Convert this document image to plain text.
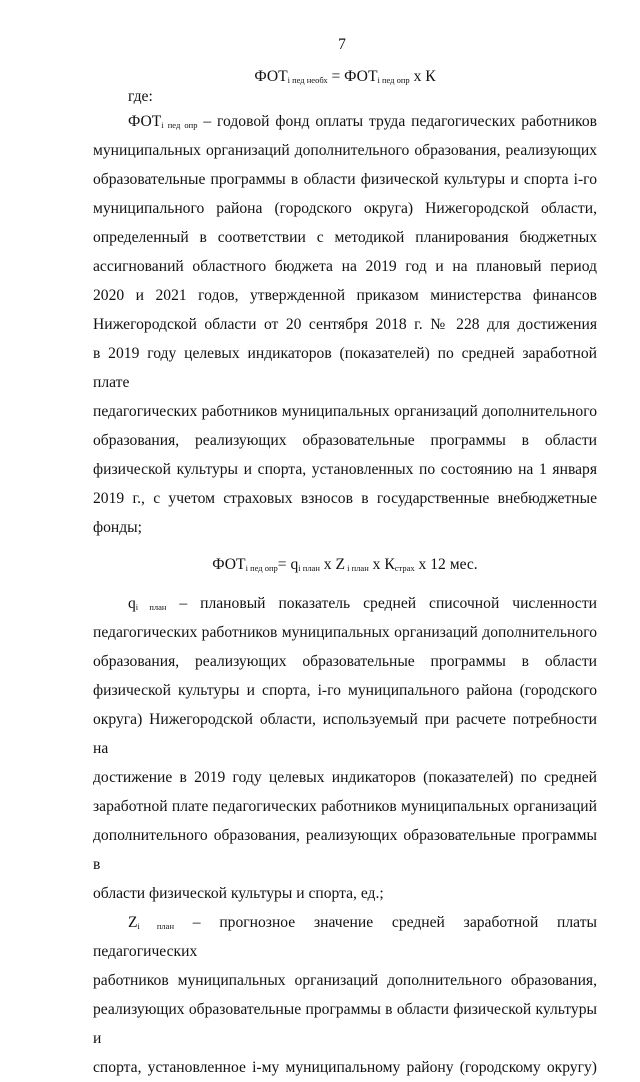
7
$ФОТ_{i пед необх} = ФОТ_{i пед опр}$ х К
где:
$ФОТ_{i пед опр}$ – годовой фонд оплаты труда педагогических работников
муниципальных организаций дополнительного образования, реализующих
образовательные программы в области физической культуры и спорта i-го
муниципального района (городского округа) Нижегородской области,
определенный в соответствии с методикой планирования бюджетных
ассигнований областного бюджета на 2019 год и на плановый период
2020 и 2021 годов, утвержденной приказом министерства финансов
Нижегородской области от 20 сентября 2018 г. № 228 для достижения
в 2019 году целевых индикаторов (показателей) по средней заработной плате
педагогических работников муниципальных организаций дополнительного
образования, реализующих образовательные программы в области
физической культуры и спорта, установленных по состоянию на 1 января
2019 г., с учетом страховых взносов в государственные внебюджетные
фонды;
$ФОТ_{i пед опр}= q_{i план}$ х Z $_{i план}$ х $К_{страх}$ х 12 мес.
$q_{i план}$ – плановый показатель средней списочной численности
педагогических работников муниципальных организаций дополнительного
образования, реализующих образовательные программы в области
физической культуры и спорта, i-го муниципального района (городского
округа) Нижегородской области, используемый при расчете потребности на
достижение в 2019 году целевых индикаторов (показателей) по средней
заработной плате педагогических работников муниципальных организаций
дополнительного образования, реализующих образовательные программы в
области физической культуры и спорта, ед.;
$Z_{i план}$ – прогнозное значение средней заработной платы педагогических
работников муниципальных организаций дополнительного образования,
реализующих образовательные программы в области физической культуры и
спорта, установленное i-му муниципальному району (городскому округу)
